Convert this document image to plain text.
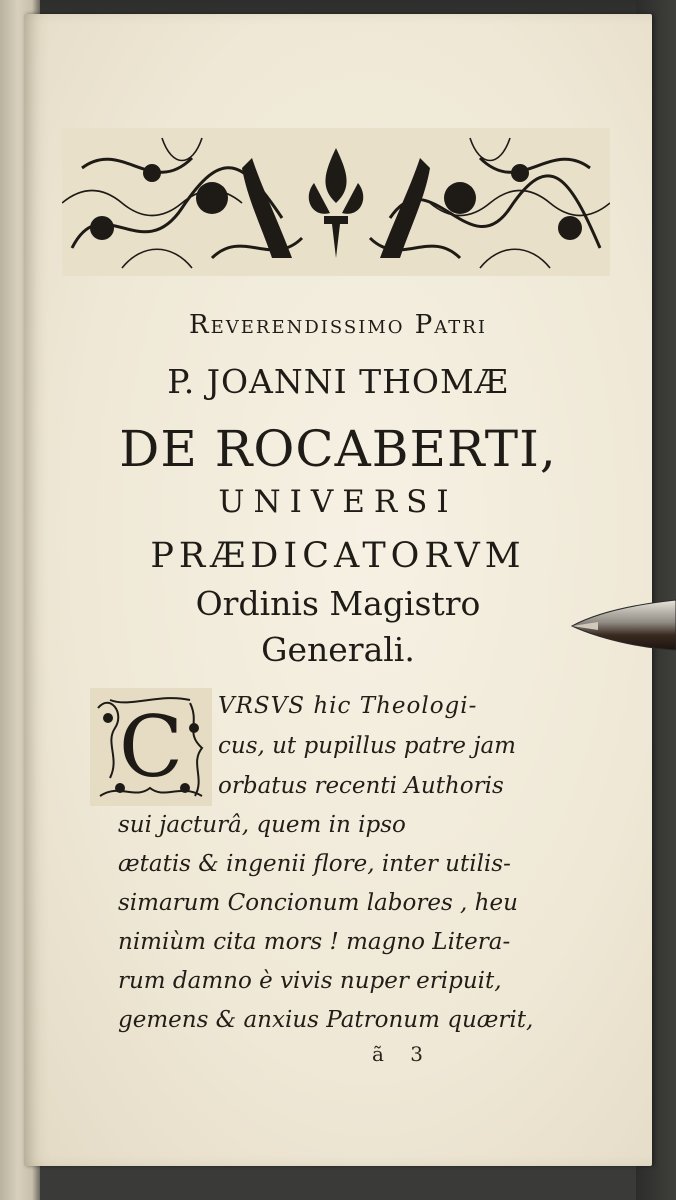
Reverendissimo Patri
P. JOANNI THOMÆ
DE ROCABERTI,
UNIVERSI
PRÆDICATORVM
Ordinis Magistro
Generali.
C VRSVS hic Theologi-
cus, ut pupillus patre jam
orbatus recenti Authoris
sui jacturâ, quem in ipso
ætatis & ingenii flore, inter utilis-
simarum Concionum labores , heu
nimiùm cita mors ! magno Litera-
rum damno è vivis nuper eripuit,
gemens & anxius Patronum quærit,
ã 3
